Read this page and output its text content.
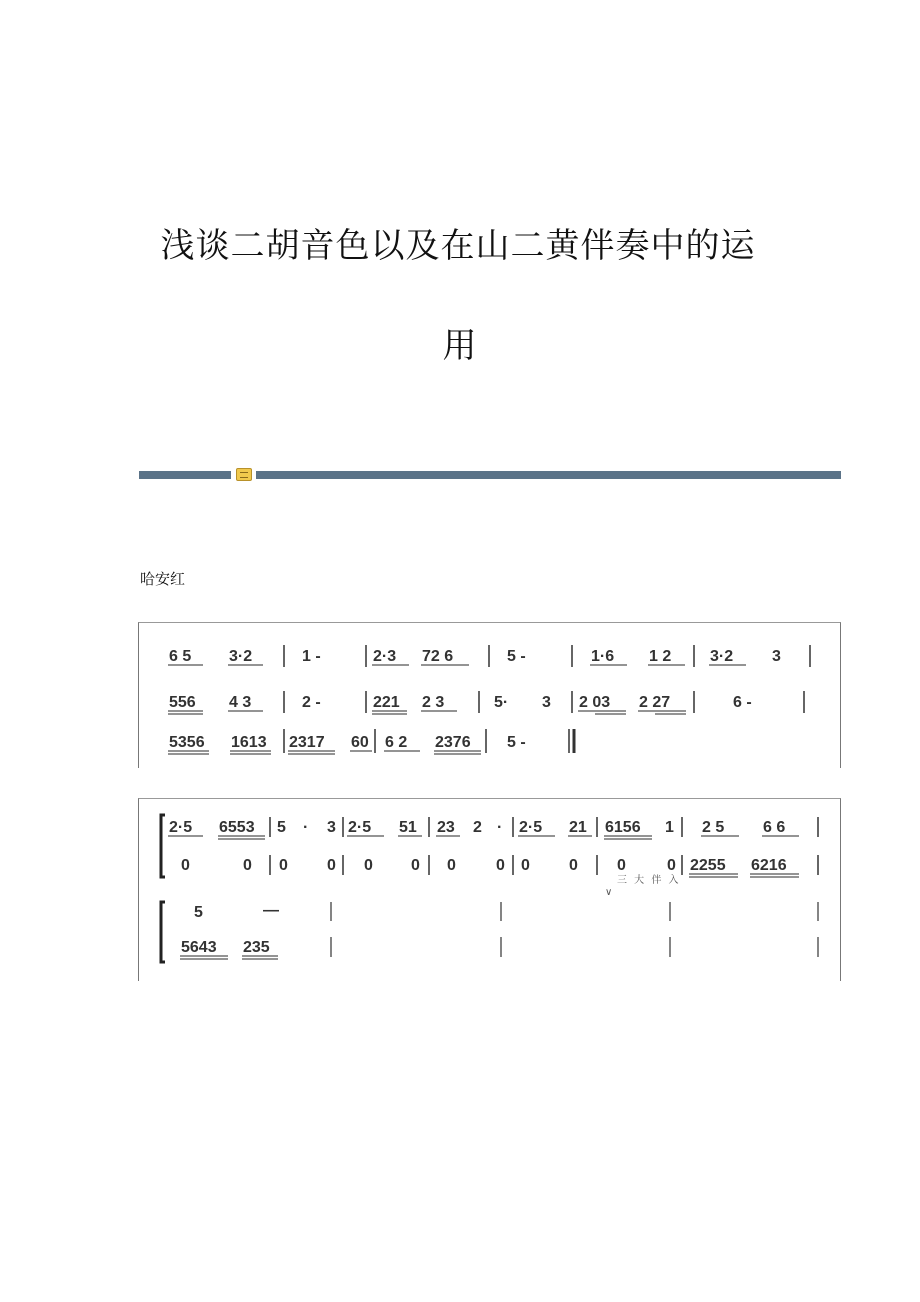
浅谈二胡音色以及在山二黄伴奏中的运
用
哈安红
6 5 3·2	1 -	2·3 72 6	5 -	1·6 1 2 3·2 3
556 4 3	2 -	221 2 3	5· 3 2 03 2 27	6 -
5356 1613 2317 60 6 2 2376 5 -
2·5 6553 5 · 3 2·5 51 23 2 · 2·5 21 6156 1 2 5 6 6
0	0 0 0 0 0 0	0 0 0 0	0 2255 6216
三 大 伴 入
∨
5	—
5643 235
